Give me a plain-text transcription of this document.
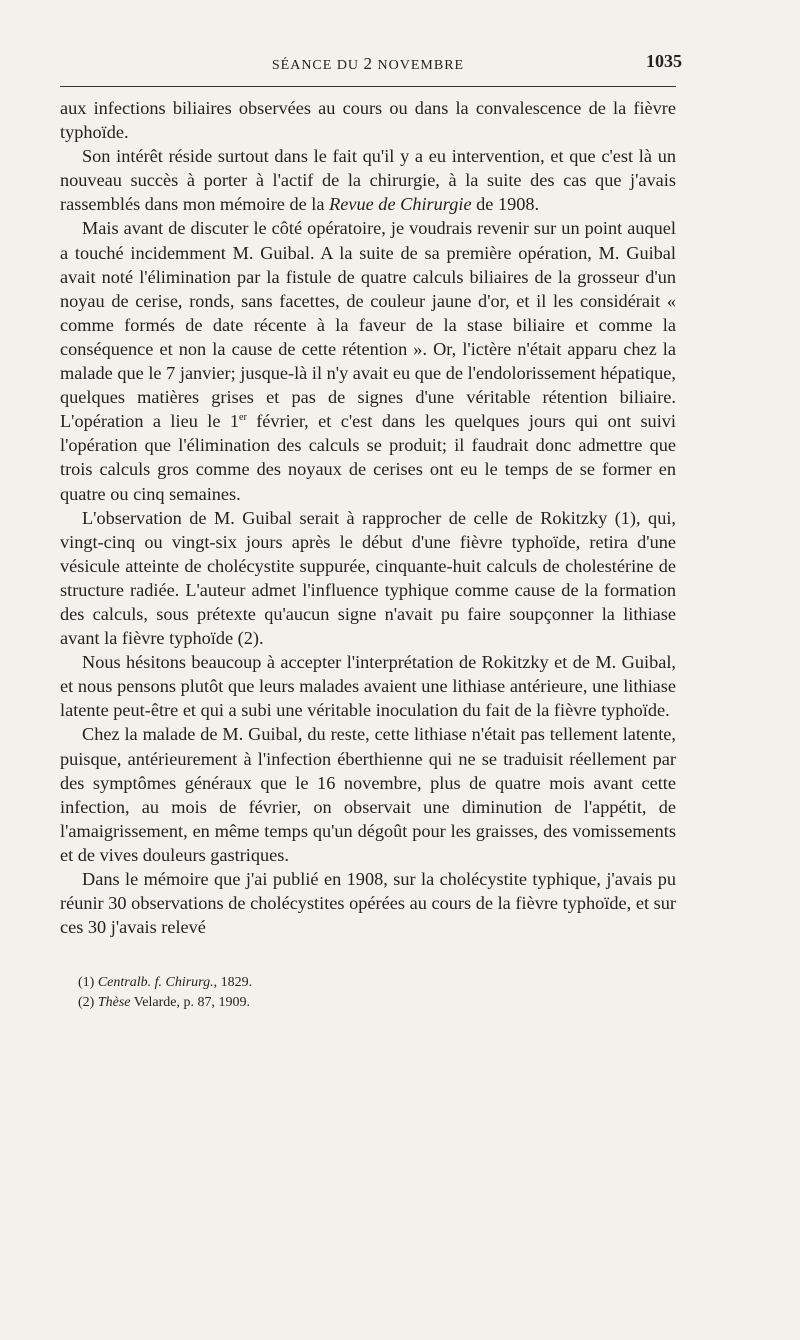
SÉANCE DU 2 NOVEMBRE	1035

aux infections biliaires observées au cours ou dans la convalescence de la fièvre typhoïde.

Son intérêt réside surtout dans le fait qu'il y a eu intervention, et que c'est là un nouveau succès à porter à l'actif de la chirurgie, à la suite des cas que j'avais rassemblés dans mon mémoire de la Revue de Chirurgie de 1908.

Mais avant de discuter le côté opératoire, je voudrais revenir sur un point auquel a touché incidemment M. Guibal. A la suite de sa première opération, M. Guibal avait noté l'élimination par la fistule de quatre calculs biliaires de la grosseur d'un noyau de cerise, ronds, sans facettes, de couleur jaune d'or, et il les considérait « comme formés de date récente à la faveur de la stase biliaire et comme la conséquence et non la cause de cette rétention ». Or, l'ictère n'était apparu chez la malade que le 7 janvier; jusque-là il n'y avait eu que de l'endolorissement hépatique, quelques matières grises et pas de signes d'une véritable rétention biliaire. L'opération a lieu le 1er février, et c'est dans les quelques jours qui ont suivi l'opération que l'élimination des calculs se produit; il faudrait donc admettre que trois calculs gros comme des noyaux de cerises ont eu le temps de se former en quatre ou cinq semaines.

L'observation de M. Guibal serait à rapprocher de celle de Rokitzky (1), qui, vingt-cinq ou vingt-six jours après le début d'une fièvre typhoïde, retira d'une vésicule atteinte de cholécystite suppurée, cinquante-huit calculs de cholestérine de structure radiée. L'auteur admet l'influence typhique comme cause de la formation des calculs, sous prétexte qu'aucun signe n'avait pu faire soupçonner la lithiase avant la fièvre typhoïde (2).

Nous hésitons beaucoup à accepter l'interprétation de Rokitzky et de M. Guibal, et nous pensons plutôt que leurs malades avaient une lithiase antérieure, une lithiase latente peut-être et qui a subi une véritable inoculation du fait de la fièvre typhoïde.

Chez la malade de M. Guibal, du reste, cette lithiase n'était pas tellement latente, puisque, antérieurement à l'infection éberthienne qui ne se traduisit réellement par des symptômes généraux que le 16 novembre, plus de quatre mois avant cette infection, au mois de février, on observait une diminution de l'appétit, de l'amaigrissement, en même temps qu'un dégoût pour les graisses, des vomissements et de vives douleurs gastriques.

Dans le mémoire que j'ai publié en 1908, sur la cholécystite typhique, j'avais pu réunir 30 observations de cholécystites opérées au cours de la fièvre typhoïde, et sur ces 30 j'avais relevé

(1) Centralb. f. Chirurg., 1829.
(2) Thèse Velarde, p. 87, 1909.
